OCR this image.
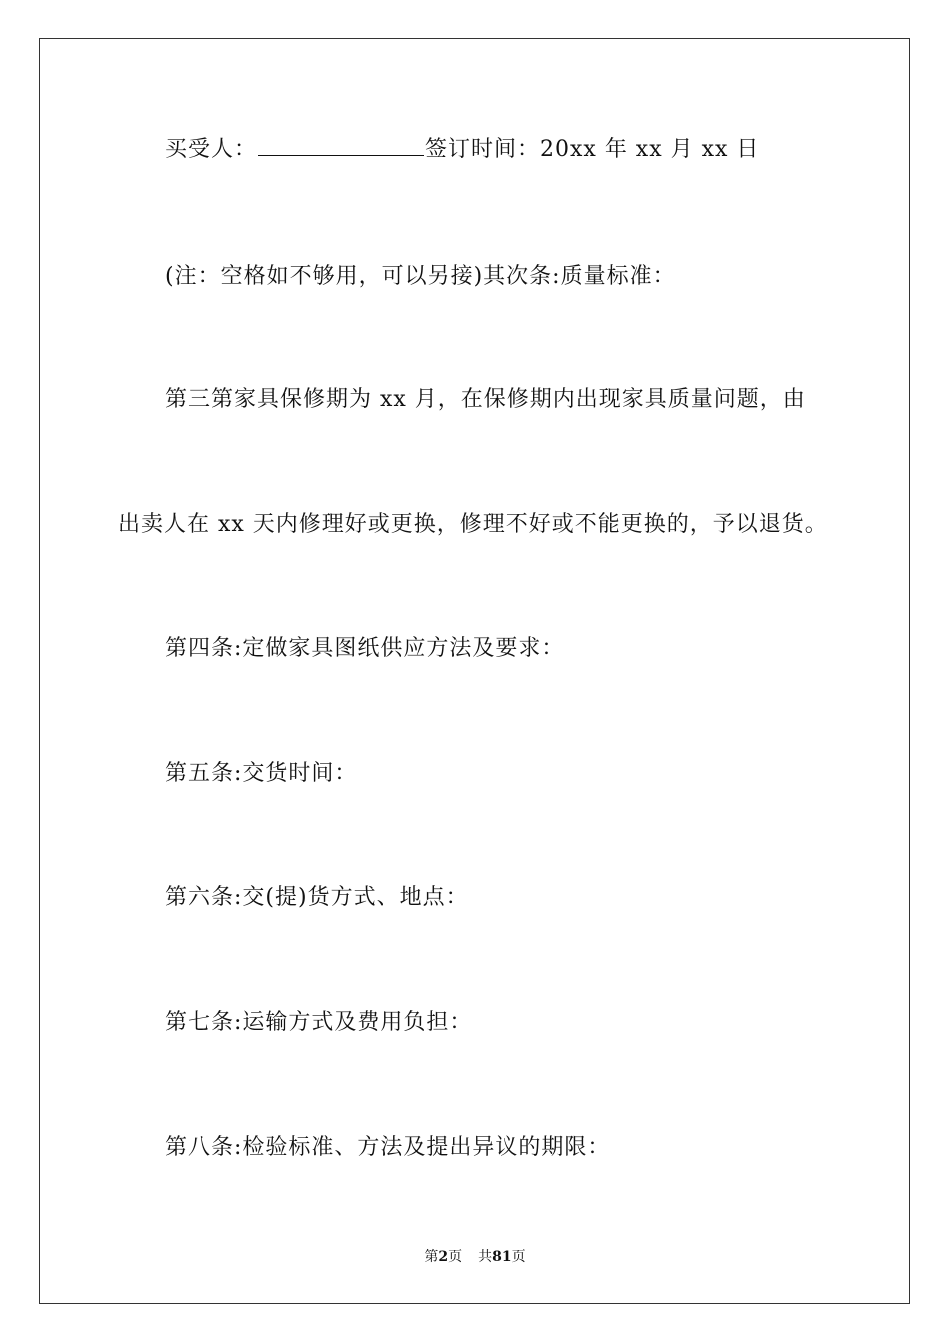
买受人：	签订时间：20xx 年 xx 月 xx 日
(注：空格如不够用，可以另接)其次条:质量标准：
第三第家具保修期为 xx 月，在保修期内出现家具质量问题，由
出卖人在 xx 天内修理好或更换，修理不好或不能更换的，予以退货。
第四条:定做家具图纸供应方法及要求：
第五条:交货时间：
第六条:交(提)货方式、地点：
第七条:运输方式及费用负担：
第八条:检验标准、方法及提出异议的期限：
第2页 共81页
